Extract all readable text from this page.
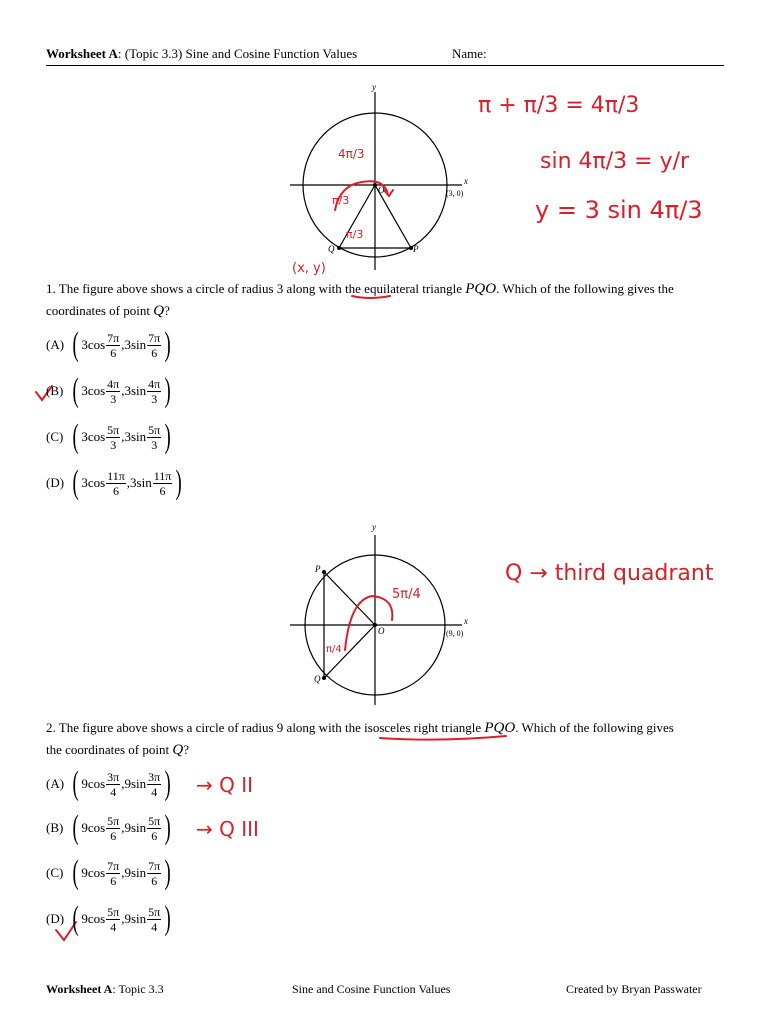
Worksheet A: (Topic 3.3) Sine and Cosine Function Values	Name:
π + π/3 = 4π/3
sin 4π/3 = y/r
y = 3 sin 4π/3
4π/3
π/3
π/3
(x, y)
Q → third quadrant
5π/4
π/4
→ Q II
→ Q III
y
x
O
P
Q
y
x
O
P
Q
(3, 0)
(9, 0)
1. The figure above shows a circle of radius 3 along with the equilateral triangle PQO. Which of the following gives the
coordinates of point Q?
(A) ( 3 $\cos \frac{7\pi}{6}$ , 3 $\sin \frac{7\pi}{6}$ )
(B) ( 3 $\cos \frac{4\pi}{3}$ , 3 $\sin \frac{4\pi}{3}$ )
(C) ( 3 $\cos \frac{5\pi}{3}$ , 3 $\sin \frac{5\pi}{3}$ )
(D) ( 3 $\cos \frac{11\pi}{6}$ , 3 $\sin \frac{11\pi}{6}$ )
2. The figure above shows a circle of radius 9 along with the isosceles right triangle PQO. Which of the following gives
the coordinates of point Q?
(A) ( 9 $\cos \frac{3\pi}{4}$ , 9 $\sin \frac{3\pi}{4}$ )
(B) ( 9 $\cos \frac{5\pi}{6}$ , 9 $\sin \frac{5\pi}{6}$ )
(C) ( 9 $\cos \frac{7\pi}{6}$ , 9 $\sin \frac{7\pi}{6}$ )
(D) ( 9 $\cos \frac{5\pi}{4}$ , 9 $\sin \frac{5\pi}{4}$ )
Worksheet A: Topic 3.3	Sine and Cosine Function Values	Created by Bryan Passwater
